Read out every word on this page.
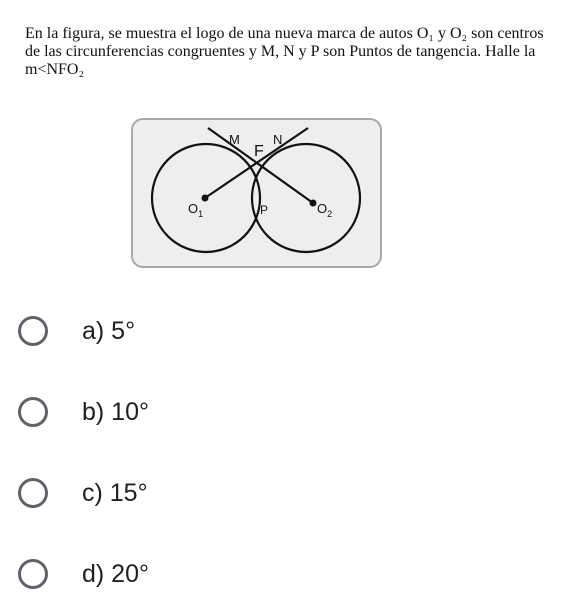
En la figura, se muestra el logo de una nueva marca de autos O₁ y O₂ son centros de las circunferencias congruentes y M, N y P son Puntos de tangencia. Halle la m<NFO₂

M	N
F
P
$O_1$	$O_2$
a) 5°
b) 10°
c) 15°
d) 20°
